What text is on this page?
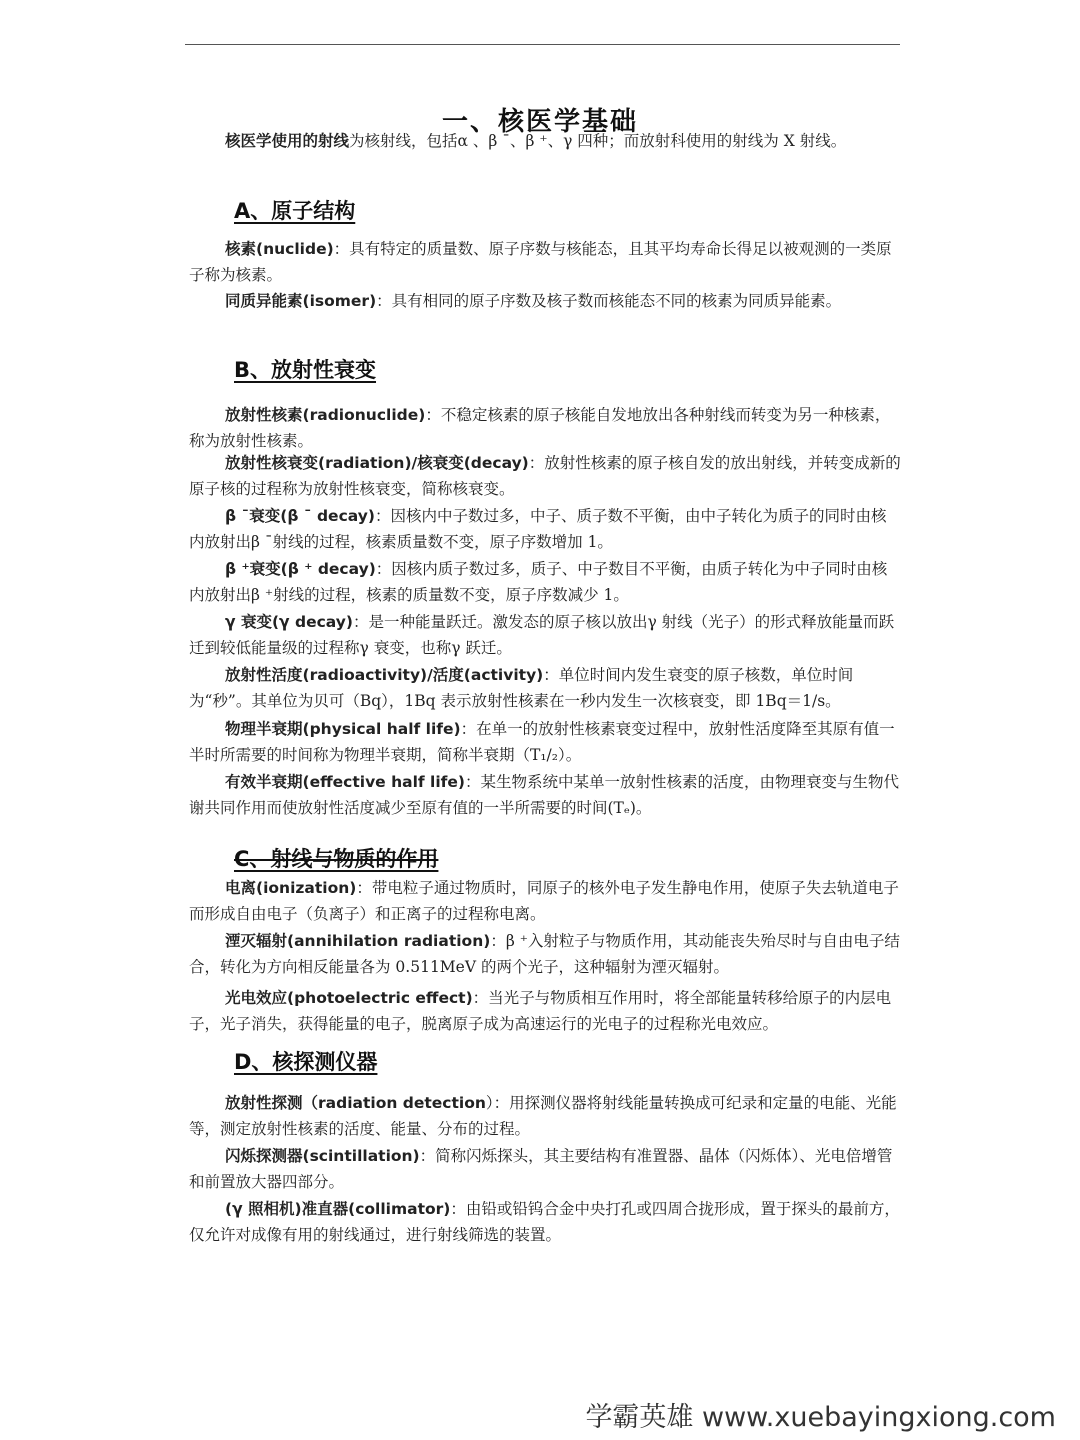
一、核医学基础

核医学使用的射线为核射线，包括α 、β ¯、β ⁺、γ 四种；而放射科使用的射线为 X 射线。

A、原子结构

核素(nuclide)：具有特定的质量数、原子序数与核能态，且其平均寿命长得足以被观测的一类原子称为核素。

同质异能素(isomer)：具有相同的原子序数及核子数而核能态不同的核素为同质异能素。

B、放射性衰变

放射性核素(radionuclide)：不稳定核素的原子核能自发地放出各种射线而转变为另一种核素，称为放射性核素。

放射性核衰变(radiation)/核衰变(decay)：放射性核素的原子核自发的放出射线，并转变成新的原子核的过程称为放射性核衰变，简称核衰变。

β ¯衰变(β ¯ decay)：因核内中子数过多，中子、质子数不平衡，由中子转化为质子的同时由核内放射出β ¯射线的过程，核素质量数不变，原子序数增加 1。

β ⁺衰变(β ⁺ decay)：因核内质子数过多，质子、中子数目不平衡，由质子转化为中子同时由核内放射出β ⁺射线的过程，核素的质量数不变，原子序数减少 1。

γ 衰变(γ decay)：是一种能量跃迁。激发态的原子核以放出γ 射线（光子）的形式释放能量而跃迁到较低能量级的过程称γ 衰变，也称γ 跃迁。

放射性活度(radioactivity)/活度(activity)：单位时间内发生衰变的原子核数，单位时间为“秒”。其单位为贝可（Bq），1Bq 表示放射性核素在一秒内发生一次核衰变，即 1Bq＝1/s。

物理半衰期(physical half life)：在单一的放射性核素衰变过程中，放射性活度降至其原有值一半时所需要的时间称为物理半衰期，简称半衰期（T₁/₂）。

有效半衰期(effective half life)：某生物系统中某单一放射性核素的活度，由物理衰变与生物代谢共同作用而使放射性活度减少至原有值的一半所需要的时间(Tₑ)。

C、射线与物质的作用

电离(ionization)：带电粒子通过物质时，同原子的核外电子发生静电作用，使原子失去轨道电子而形成自由电子（负离子）和正离子的过程称电离。

湮灭辐射(annihilation radiation)：β ⁺入射粒子与物质作用，其动能丧失殆尽时与自由电子结合，转化为方向相反能量各为 0.511MeV 的两个光子，这种辐射为湮灭辐射。

光电效应(photoelectric effect)：当光子与物质相互作用时，将全部能量转移给原子的内层电子，光子消失，获得能量的电子，脱离原子成为高速运行的光电子的过程称光电效应。

D、核探测仪器

放射性探测（radiation detection）：用探测仪器将射线能量转换成可纪录和定量的电能、光能等，测定放射性核素的活度、能量、分布的过程。

闪烁探测器(scintillation)：简称闪烁探头，其主要结构有准置器、晶体（闪烁体）、光电倍增管和前置放大器四部分。

(γ 照相机)准直器(collimator)：由铅或铅钨合金中央打孔或四周合拢形成，置于探头的最前方，仅允许对成像有用的射线通过，进行射线筛选的装置。

学霸英雄 www.xuebayingxiong.com
